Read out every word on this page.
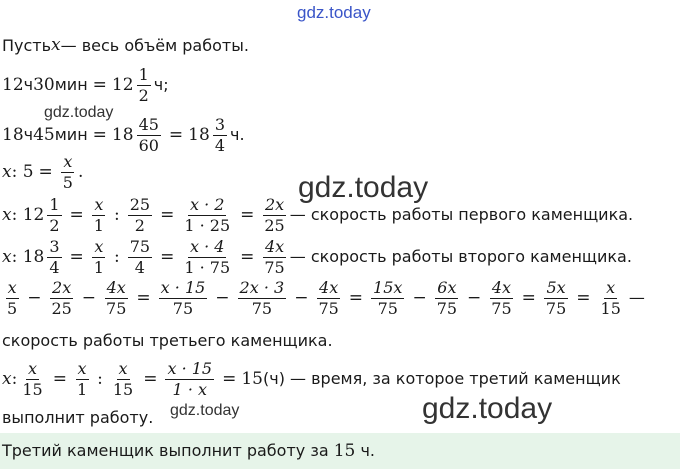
gdz.today
gdz.today
gdz.today
gdz.today	gdz.today
Пусть x — весь объём работы.
12 ч 30 мин = $12 \frac{1}{2} ч$;
18 ч 45 мин = $18 \frac{45}{60} = 18 \frac{3}{4} ч$.
x : $5 = \frac{x}{5}$ .
x : $12 \frac{1}{2} = \frac{x}{1}$ : $\frac{25}{2} = \frac{x \cdot 2}{1 \cdot 25} = \frac{2x}{25}$ — скорость работы первого каменщика.
x : $18 \frac{3}{4} = \frac{x}{1}$ : $\frac{75}{4} = \frac{x \cdot 4}{1 \cdot 75} = \frac{4x}{75}$ — скорость работы второго каменщика.
$\frac{x}{5} - \frac{2x}{25} - \frac{4x}{75} = \frac{x \cdot 15}{75} - \frac{2x \cdot 3}{75} - \frac{4x}{75} = \frac{15x}{75} - \frac{6x}{75} - \frac{4x}{75} = \frac{5x}{75} = \frac{x}{15}$ —
скорость работы третьего каменщика.
x : $\frac{x}{15} = \frac{x}{1}$ : $\frac{x}{15} = \frac{x \cdot 15}{1 \cdot x} = 15$ (ч) — время, за которое третий каменщик
выполнит работу.
Третий каменщик выполнит работу за 15 ч.
